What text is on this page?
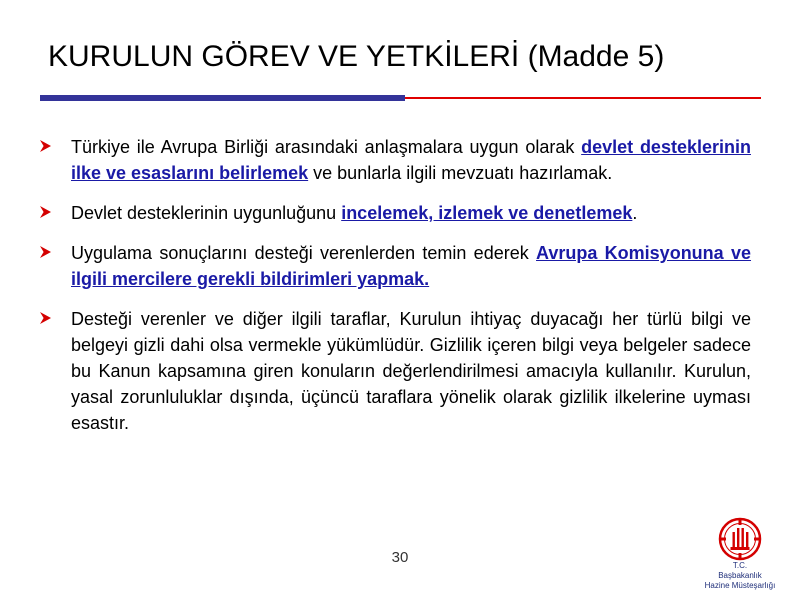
KURULUN GÖREV VE YETKİLERİ (Madde 5)
Türkiye ile Avrupa Birliği arasındaki anlaşmalara uygun olarak devlet desteklerinin ilke ve esaslarını belirlemek ve bunlarla ilgili mevzuatı hazırlamak.
Devlet desteklerinin uygunluğunu incelemek, izlemek ve denetlemek.
Uygulama sonuçlarını desteği verenlerden temin ederek Avrupa Komisyonuna ve ilgili mercilere gerekli bildirimleri yapmak.
Desteği verenler ve diğer ilgili taraflar, Kurulun ihtiyaç duyacağı her türlü bilgi ve belgeyi gizli dahi olsa vermekle yükümlüdür. Gizlilik içeren bilgi veya belgeler sadece bu Kanun kapsamına giren konuların değerlendirilmesi amacıyla kullanılır. Kurulun, yasal zorunluluklar dışında, üçüncü taraflara yönelik olarak gizlilik ilkelerine uyması esastır.
30	T.C.
Başbakanlık
Hazine Müsteşarlığı
